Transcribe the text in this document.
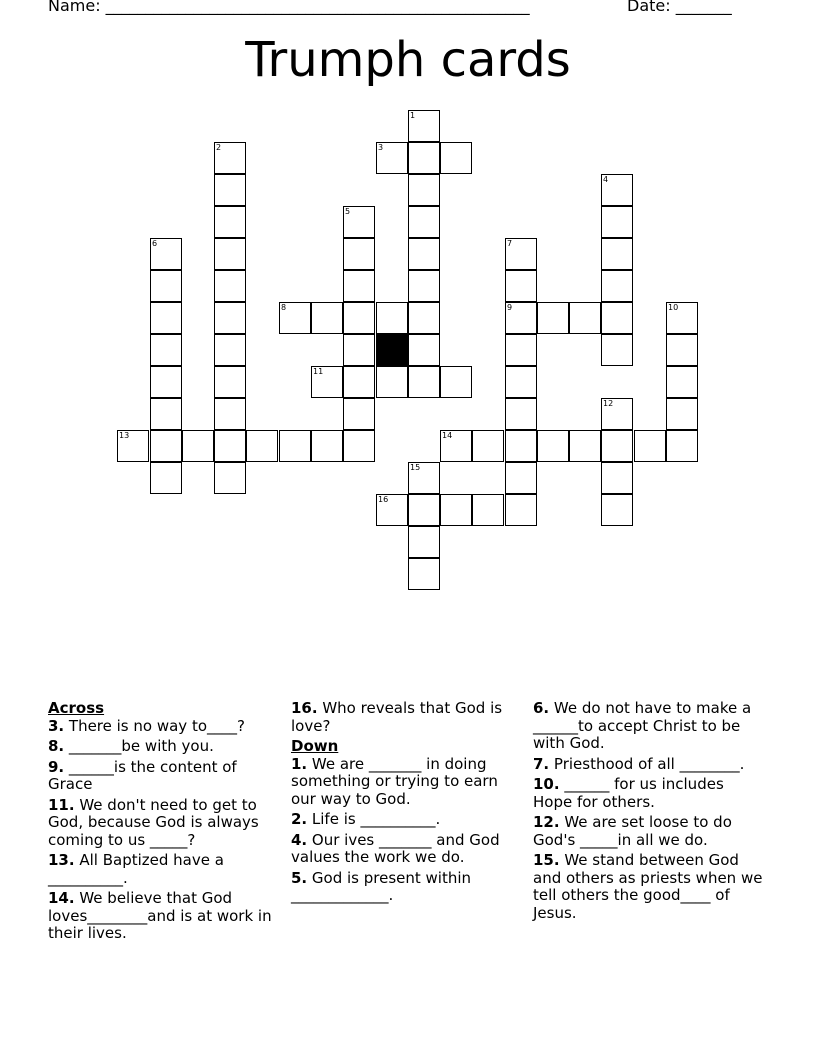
Name: _____________________________________________________	Date: _______
Trumph cards
1
2	3
4
5
6	7
8	9	10
11
12
13	14
15
16
Across
3. There is no way to____?
8. _______be with you.
9. ______is the content of Grace
11. We don't need to get to God, because God is always coming to us _____?
13. All Baptized have a __________.
14. We believe that God loves________and is at work in their lives.
16. Who reveals that God is love?
Down
1. We are _______ in doing something or trying to earn our way to God.
2. Life is __________.
4. Our ives _______ and God values the work we do.
5. God is present within _____________.
6. We do not have to make a ______to accept Christ to be with God.
7. Priesthood of all ________.
10. ______ for us includes Hope for others.
12. We are set loose to do God's _____in all we do.
15. We stand between God and others as priests when we tell others the good____ of Jesus.
